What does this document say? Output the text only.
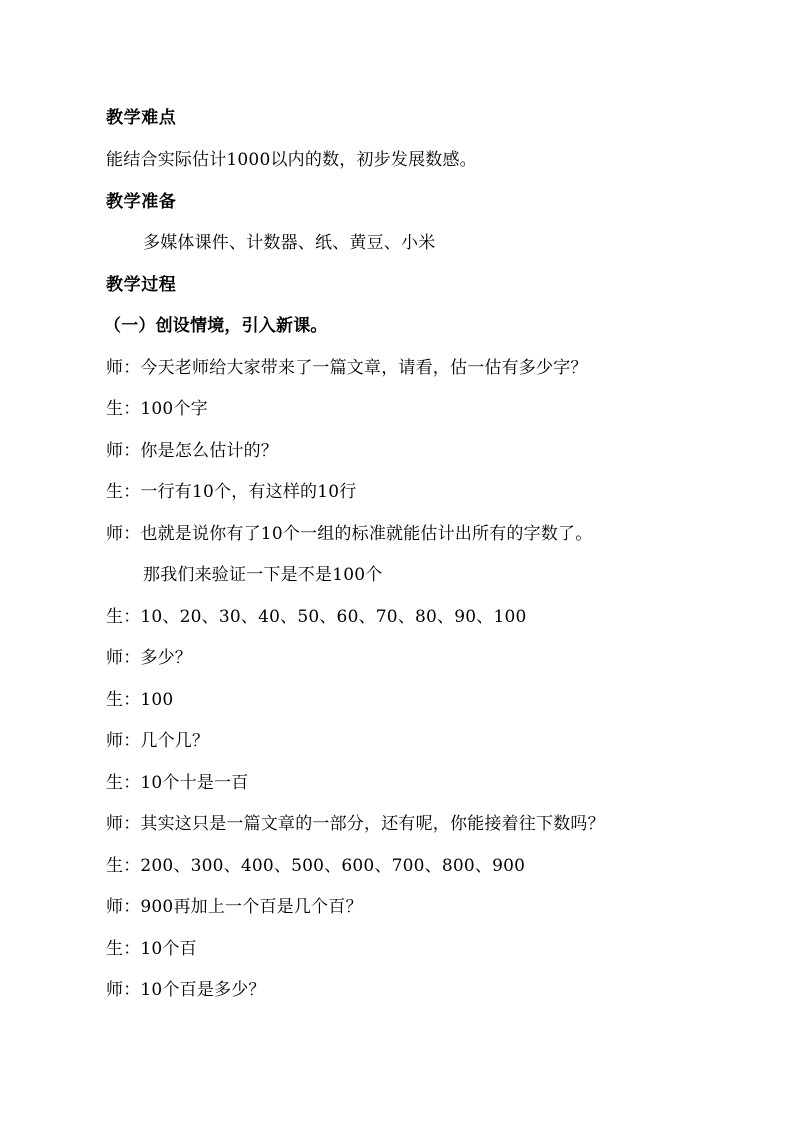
教学难点
能结合实际估计1000以内的数，初步发展数感。
教学准备
多媒体课件、计数器、纸、黄豆、小米
教学过程
（一）创设情境，引入新课。
师：今天老师给大家带来了一篇文章，请看，估一估有多少字？
生：100个字
师：你是怎么估计的？
生：一行有10个，有这样的10行
师：也就是说你有了10个一组的标准就能估计出所有的字数了。
那我们来验证一下是不是100个
生：10、20、30、40、50、60、70、80、90、100
师：多少？
生：100
师：几个几？
生：10个十是一百
师：其实这只是一篇文章的一部分，还有呢，你能接着往下数吗？
生：200、300、400、500、600、700、800、900
师：900再加上一个百是几个百？
生：10个百
师：10个百是多少？
